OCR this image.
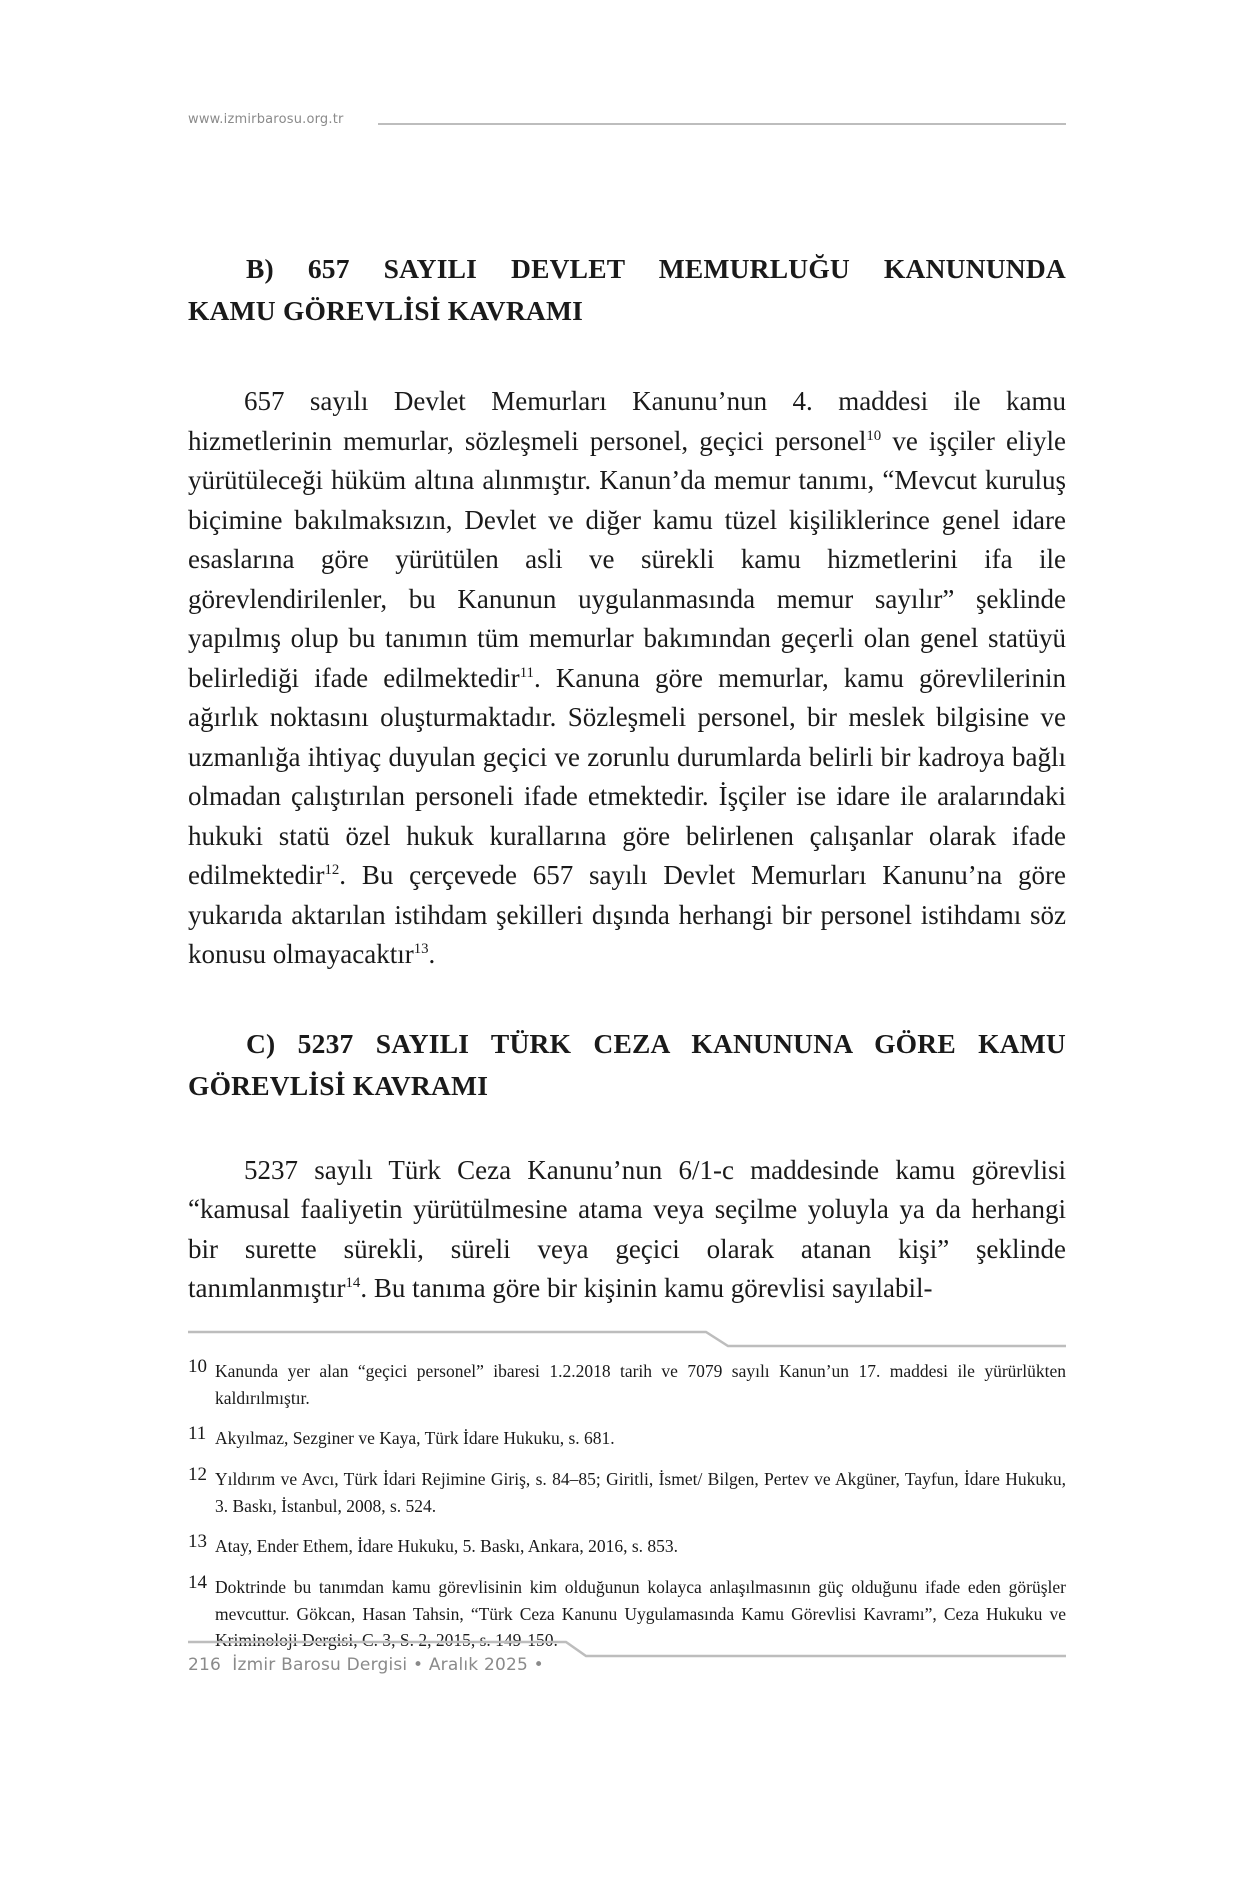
www.izmirbarosu.org.tr
B) 657 SAYILI DEVLET MEMURLUĞU KANUNUNDA
KAMU GÖREVLİSİ KAVRAMI

657 sayılı Devlet Memurları Kanunu’nun 4. maddesi ile kamu hizmetlerinin memurlar, sözleşmeli personel, geçici personel$^{10}$ ve işçiler eliyle yürütüleceği hüküm altına alınmıştır. Kanun’da memur tanımı, “Mevcut kuruluş biçimine bakılmaksızın, Devlet ve diğer kamu tüzel kişiliklerince genel idare esaslarına göre yürütülen asli ve sürekli kamu hizmetlerini ifa ile görevlendirilenler, bu Kanunun uygulanmasında memur sayılır” şeklinde yapılmış olup bu tanımın tüm memurlar bakımından geçerli olan genel statüyü belirlediği ifade edilmektedir$^{11}$. Kanuna göre memurlar, kamu görevlilerinin ağırlık noktasını oluşturmaktadır. Sözleşmeli personel, bir meslek bilgisine ve uzmanlığa ihtiyaç duyulan geçici ve zorunlu durumlarda belirli bir kadroya bağlı olmadan çalıştırılan personeli ifade etmektedir. İşçiler ise idare ile aralarındaki hukuki statü özel hukuk kurallarına göre belirlenen çalışanlar olarak ifade edilmektedir$^{12}$. Bu çerçevede 657 sayılı Devlet Memurları Kanunu’na göre yukarıda aktarılan istihdam şekilleri dışında herhangi bir personel istihdamı söz konusu olmayacaktır$^{13}$.

C) 5237 SAYILI TÜRK CEZA KANUNUNA GÖRE KAMU
GÖREVLİSİ KAVRAMI

5237 sayılı Türk Ceza Kanunu’nun 6/1-c maddesinde kamu görevlisi “kamusal faaliyetin yürütülmesine atama veya seçilme yoluyla ya da herhangi bir surette sürekli, süreli veya geçici olarak atanan kişi” şeklinde tanımlanmıştır$^{14}$. Bu tanıma göre bir kişinin kamu görevlisi sayılabil-

10 Kanunda yer alan “geçici personel” ibaresi 1.2.2018 tarih ve 7079 sayılı Kanun’un 17. maddesi ile yürürlükten kaldırılmıştır.

11 Akyılmaz, Sezginer ve Kaya, Türk İdare Hukuku, s. 681.

12 Yıldırım ve Avcı, Türk İdari Rejimine Giriş, s. 84–85; Giritli, İsmet/ Bilgen, Pertev ve Akgüner, Tayfun, İdare Hukuku, 3. Baskı, İstanbul, 2008, s. 524.

13 Atay, Ender Ethem, İdare Hukuku, 5. Baskı, Ankara, 2016, s. 853.

14 Doktrinde bu tanımdan kamu görevlisinin kim olduğunun kolayca anlaşılmasının güç olduğunu ifade eden görüşler mevcuttur. Gökcan, Hasan Tahsin, “Türk Ceza Kanunu Uygulamasında Kamu Görevlisi Kavramı”, Ceza Hukuku ve Kriminoloji Dergisi, C. 3, S. 2, 2015, s. 149-150.

216 İzmir Barosu Dergisi • Aralık 2025 •
